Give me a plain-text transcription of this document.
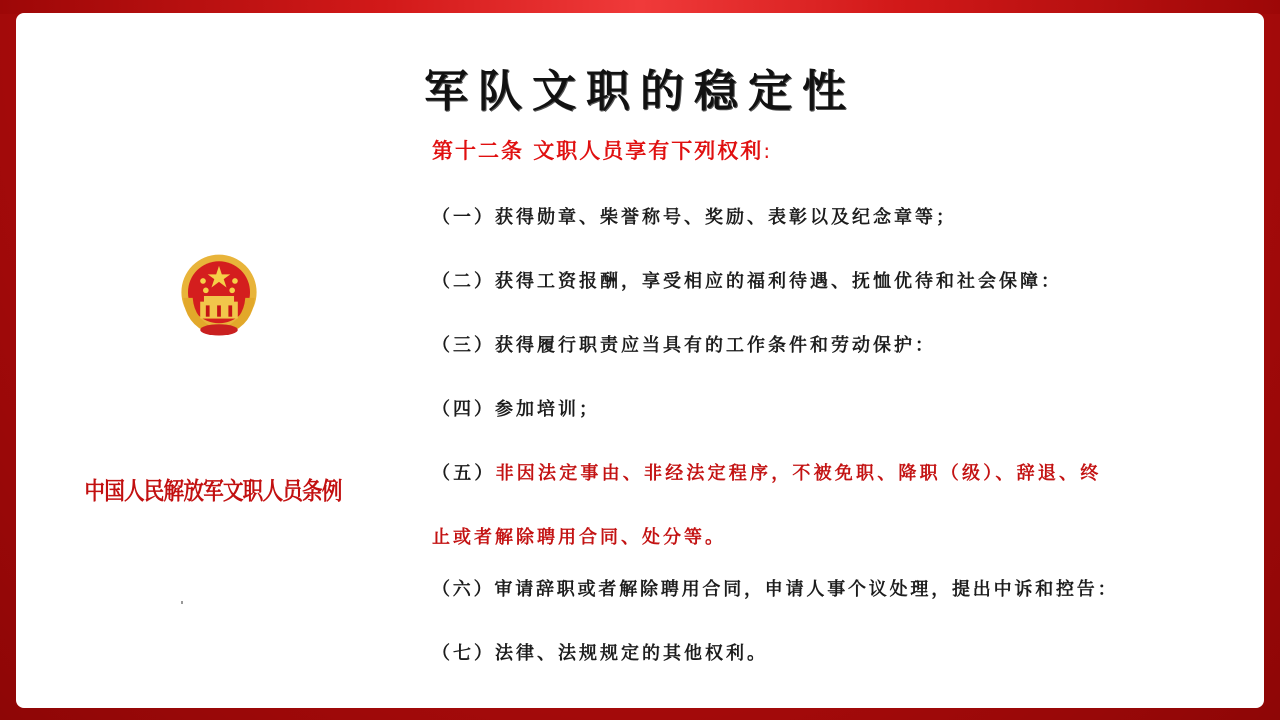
军队文职的稳定性
中国人民解放军文职人员条例
第十二条 文职人员享有下列权利:
（一）获得勋章、柴誉称号、奖励、表彰以及纪念章等；
（二）获得工资报酬，享受相应的福利待遇、抚恤优待和社会保障：
（三）获得履行职责应当具有的工作条件和劳动保护：
（四）参加培训；
（五）非因法定事由、非经法定程序，不被免职、降职（级）、辞退、终
止或者解除聘用合同、处分等。
（六）审请辞职或者解除聘用合同，申请人事个议处理，提出中诉和控告：
（七）法律、法规规定的其他权利。
